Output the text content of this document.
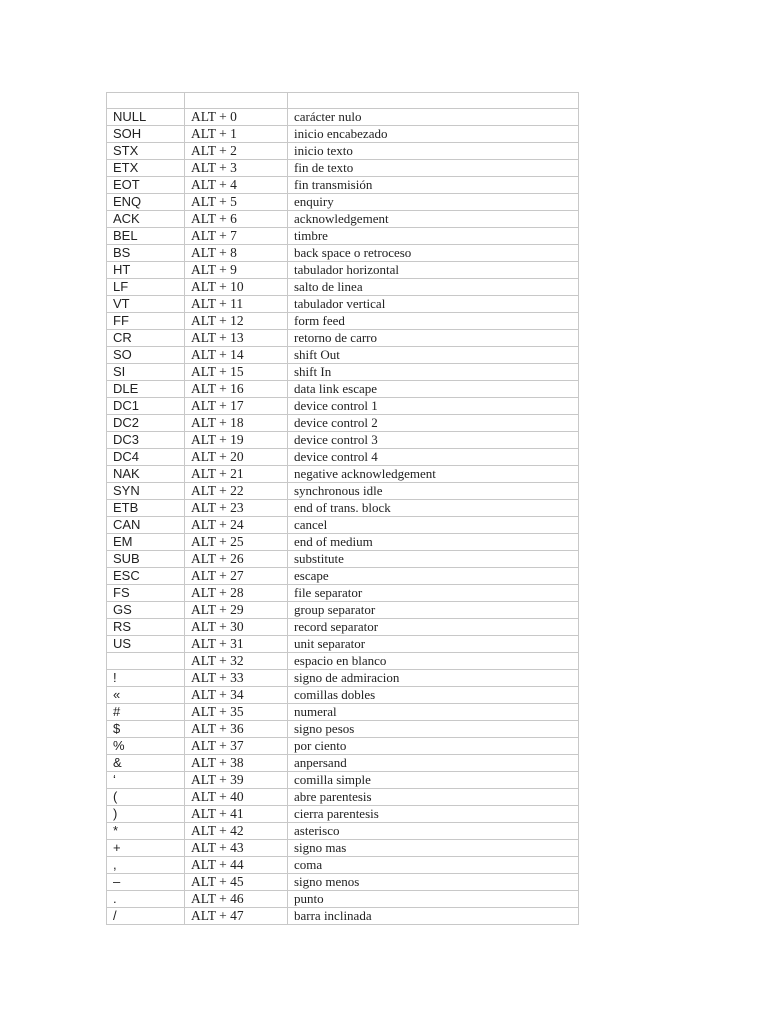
NULL	ALT + 0	carácter nulo
SOH	ALT + 1	inicio encabezado
STX	ALT + 2	inicio texto
ETX	ALT + 3	fin de texto
EOT	ALT + 4	fin transmisión
ENQ	ALT + 5	enquiry
ACK	ALT + 6	acknowledgement
BEL	ALT + 7	timbre
BS	ALT + 8	back space o retroceso
HT	ALT + 9	tabulador horizontal
LF	ALT + 10	salto de linea
VT	ALT + 11	tabulador vertical
FF	ALT + 12	form feed
CR	ALT + 13	retorno de carro
SO	ALT + 14	shift Out
SI	ALT + 15	shift In
DLE	ALT + 16	data link escape
DC1	ALT + 17	device control 1
DC2	ALT + 18	device control 2
DC3	ALT + 19	device control 3
DC4	ALT + 20	device control 4
NAK	ALT + 21	negative acknowledgement
SYN	ALT + 22	synchronous idle
ETB	ALT + 23	end of trans. block
CAN	ALT + 24	cancel
EM	ALT + 25	end of medium
SUB	ALT + 26	substitute
ESC	ALT + 27	escape
FS	ALT + 28	file separator
GS	ALT + 29	group separator
RS	ALT + 30	record separator
US	ALT + 31	unit separator
	ALT + 32	espacio en blanco
!	ALT + 33	signo de admiracion
«	ALT + 34	comillas dobles
#	ALT + 35	numeral
$	ALT + 36	signo pesos
%	ALT + 37	por ciento
&	ALT + 38	anpersand
‘	ALT + 39	comilla simple
(	ALT + 40	abre parentesis
)	ALT + 41	cierra parentesis
*	ALT + 42	asterisco
+	ALT + 43	signo mas
,	ALT + 44	coma
–	ALT + 45	signo menos
.	ALT + 46	punto
/	ALT + 47	barra inclinada
